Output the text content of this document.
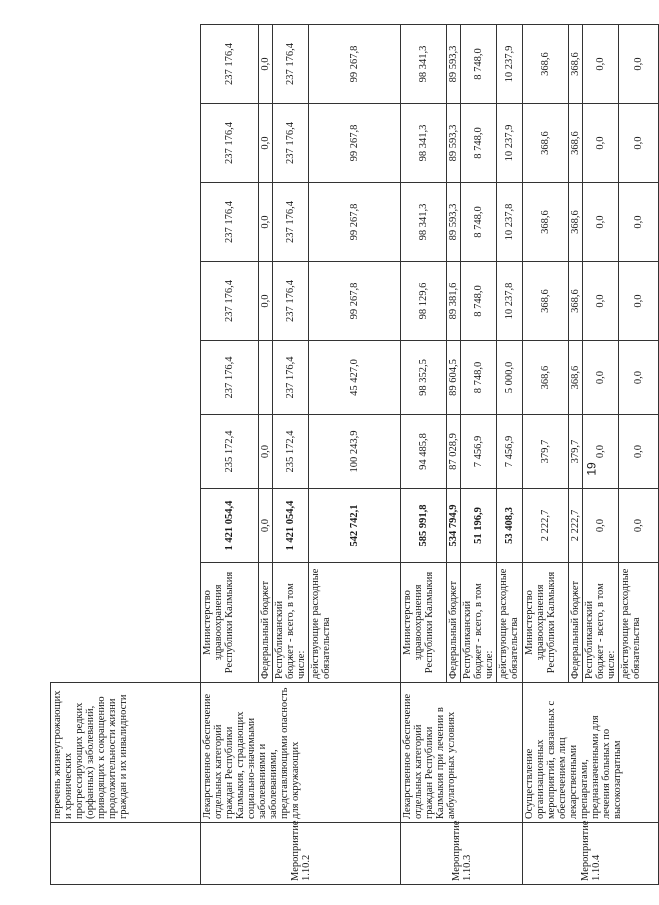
	перечень жизнеугрожающих и хронических прогрессирующих редких (орфанных) заболеваний, приводящих к сокращению продолжительности жизни граждан и их инвалидности								
Мероприятие 1.10.2	Лекарственное обеспечение отдельных категорий граждан Республики Калмыкия, страдающих социально-значимыми заболеваниями и заболеваниями, представляющими опасность для окружающих	Министерство здравоохранения Республики Калмыкия	1 421 054,4	235 172,4	237 176,4	237 176,4	237 176,4	237 176,4	237 176,4
		Федеральный бюджет	0,0	0,0		0,0	0,0	0,0	0,0
		Республиканский бюджет - всего, в том числе:	1 421 054,4	235 172,4	237 176,4	237 176,4	237 176,4	237 176,4	237 176,4
		действующие расходные обязательства	542 742,1	100 243,9	45 427,0	99 267,8	99 267,8	99 267,8	99 267,8
Мероприятие 1.10.3	Лекарственное обеспечение отдельных категорий граждан Республики Калмыкия при лечении в амбулаторных условиях	Министерство здравоохранения Республики Калмыкия	585 991,8	94 485,8	98 352,5	98 129,6	98 341,3	98 341,3	98 341,3
		Федеральный бюджет	534 794,9	87 028,9	89 604,5	89 381,6	89 593,3	89 593,3	89 593,3
		Республиканский бюджет - всего, в том числе:	51 196,9	7 456,9	8 748,0	8 748,0	8 748,0	8 748,0	8 748,0
		действующие расходные обязательства	53 408,3	7 456,9	5 000,0	10 237,8	10 237,8	10 237,9	10 237,9
Мероприятие 1.10.4	Осуществление организационных мероприятий, связанных с обеспечением лиц лекарственными препаратами, предназначенными для лечения больных по высокозатратным	Министерство здравоохранения Республики Калмыкия	2 222,7	379,7	368,6	368,6	368,6	368,6	368,6
		Федеральный бюджет	2 222,7	379,7	368,6	368,6	368,6	368,6	368,6
		Республиканский бюджет - всего, в том числе:	0,0	0,0	0,0	0,0	0,0	0,0	0,0
		действующие расходные обязательства	0,0	0,0	0,0	0,0	0,0	0,0	0,0
19
